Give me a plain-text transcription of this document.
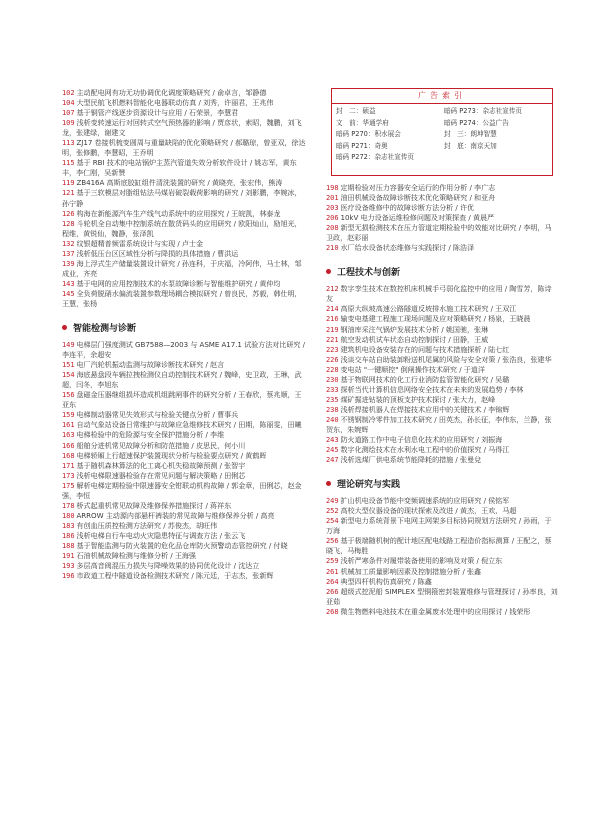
广告索引
封　二：硕益	暗码 P273：杂志社宣传页
文　前：华通学府	暗码 P274：公益广告
暗码 P270：积水展会	封　三：朗坤智慧
暗码 P271：奇奥	封　底：南京天加
暗码 P272：杂志社宣传页
102 主动配电网有功无功协调优化调度策略研究 / 俞卓言，邹静德
104 大型民航飞机燃料智能化电器联动仿真 / 刘秀，许丽君，王兆伟
107 基于铜管产线逐步资源设计与应用 / 石荣景，李慧君
109 浅析变转速运行对回转式空气预热器的影响 / 贾彦状，索昭，魏鹏，刘飞龙，张建绿，谢建文
113 ZJ17 卷接机梳变圆周与重量缺陷的优化策略研究 / 郝璐琼，曾亚双，徐达明，张修鹏，李慧昭，王乔明
115 基于 RBI 技术的电站锅炉主蒸汽管道失效分析软件设计 / 姚志军，黄东丰，李仁刚，吴新赞
119 ZB416A 高斯底胶缸组件清洗装置的研究 / 黄晓亮，张宏伟，熊涛
121 基于三软模层对脂组钻法马煤岩破裂载荷影响的研究 / 刘影鹏，李婉冰，孙宁静
126 构海在新能源汽车生产线气动系统中的应用探究 / 王皖凯，林泰龙
128 斗轮机全自动集中控制系统在散货码头的应用研究 / 欧阳灿山，励旭光，程维，黄锐仙，魏静，张泽凯
132 纹银超精普频雷系统设计与实现 / 卢士金
137 浅析低压台区区域性分析与降损的具体措施 / 曹洪运
139 海上浮式生产储量装置设计研究 / 孙连科，于庆福，冷阿伟，马士林，邹成业，齐亮
143 基于电网的应用控制技术的水泵故障诊断与智能维护研究 / 黄仲均
145 全负荷脱硝水偏流装置参数理场耦合模拟研究 / 曾良民，苏毅，韩仕明，王慧，张杨
智能检测与诊断
149 电梯层门强度测试 GB7588—2003 与 ASME A17.1 试验方法对比研究 / 李连平，余超安
151 电厂汽轮机振动监测与故障诊断技术研究 / 赵言
154 海底悬盘段车辆拉拽检测仪自动控制技术研究 / 魏峰，史卫政，王琳，武超，闫冬，李旭东
156 盘磁金压器继组损坏造成机组跳闸事件的研究分析 / 王春欣，蔡兆顺，王亚东
159 电梯制动器常见失效形式与检验关键点分析 / 曹事兵
161 自动气象站设备日常维护与故障应急维修技术研究 / 田期，陈丽雯，田曦
163 电梯检验中的危险源与安全保护措施分析 / 李维
166 船舶分进机常见故障分析和防范措施 / 皮思民，何小川
168 电梯轿厢上行超速保护装置现状分析与检验要点研究 / 黄鹤晖
171 基于随机森林算法的化工离心机失稳故障预测 / 张智宇
173 浅析电梯限速器检验存在常见问题与解决策略 / 田俐芯
175 解析电梯定期检验中限速器安全钳联动机构故障 / 郭金章，田俐芯，赵金强，李恒
178 桥式起重机常见故障及维修保养措施探讨 / 蒋祥东
180 ARROW 主动源内部悬杆裤装的常见故障与维修保养分析 / 高亮
183 有创血压质控检测方法研究 / 苏俊杰，胡旺伟
186 浅析电梯自行车电动火灾隐患特征与调查方法 / 张云飞
188 基于智能监测与防火装置的危化品仓库防火预警动态管控研究 / 付晓
191 石油机械故障检测与维修分析 / 王海强
193 多层高音阀混压力损失与降噪效果的协同优化设计 / 沈达立
196 市政道工程中隧道设备检测技术研究 / 陈元廷，于志杰，张新辉
198 定期检验对压力容器安全运行的作用分析 / 李广志
201 油田机械设备故障诊断技术优化策略研究 / 和亚舟
203 医疗设备维修中的故障诊断方法分析 / 许优
206 10kV 电力设备运维检修问题及对策探查 / 黄晨严
208 新型无损检测技术在压力管道定期检验中的效能对比研究 / 李明，马卫政，赵彩丽
210 水厂给水设备状态维修与实践探讨 / 陈浩泽
工程技术与创新
212 数字孪生技术在数控机床机械手弓弱化监控中的应用 / 陶雪芳，陈诗友
214 高原大纵坡高速公路隧道反坡排水施工技术研究 / 王双江
216 输变电基建工程施工现场问题及应对策略研究 / 杨泉，王晓晨
219 钢油库采注气锅炉发展技术分析 / 姚国驰，张琳
221 航空发动机试车状态自动控制探讨 / 田静，王威
223 建筑机电设备安装存在的问题与技术措施探析 / 陆七红
226 浅谈交车站自助装卸粉送机尾属的风险与安全对策 / 张浩良，张建华
228 变电站 "一键顺控" 倒闸操作技术研究 / 于道洋
230 基于物联网技术的化工行业消防监管智能化研究 / 吴璐
233 探析当代计算机信息网络安全技术在未来的发展趋势 / 李林
235 煤矿掘进钻装的顶板支护技术探讨 / 张大力，赵峰
238 浅析焊接机器人在焊接技术应用中的关键技术 / 李锦辉
240 不锈钢制冷零件加工技术研究 / 田英杰，孙长征，李伟东，兰静，张贺东，朱婉辉
243 防火道路工作中电子信息化技术的应用研究 / 刘振海
245 数字化测绘技术在水利水电工程中的价值探究 / 马得江
247 浅析选煤厂供电系统节能降耗的措施 / 张曼兌
理论研究与实践
249 扩山机电设备节能中变频调速系统的应用研究 / 侯铭军
252 高校大型仪器设备的现状探索及改进 / 黄杰，王欢，马超
254 新型电力系统背景下电网主网架多目标协同规划方法研究 / 孙雨，于万海
256 基于极端随机树的配计地区配电线路工程造价指标测算 / 王配之，蔡晓飞，马梅胜
259 浅析严寒条件对履带装备使用的影响及对策 / 倪立东
261 机械加工质量影响因素及控制措施分析 / 张鑫
264 典型四杆机构仿真研究 / 陈鑫
266 超级式挖泥船 SIMPLEX 型铜箍密封装置维修与管理探讨 / 孙率良，刘亚茹
268 微生物燃料电池技术在重金属废水处理中的应用探讨 / 钱荣彤
